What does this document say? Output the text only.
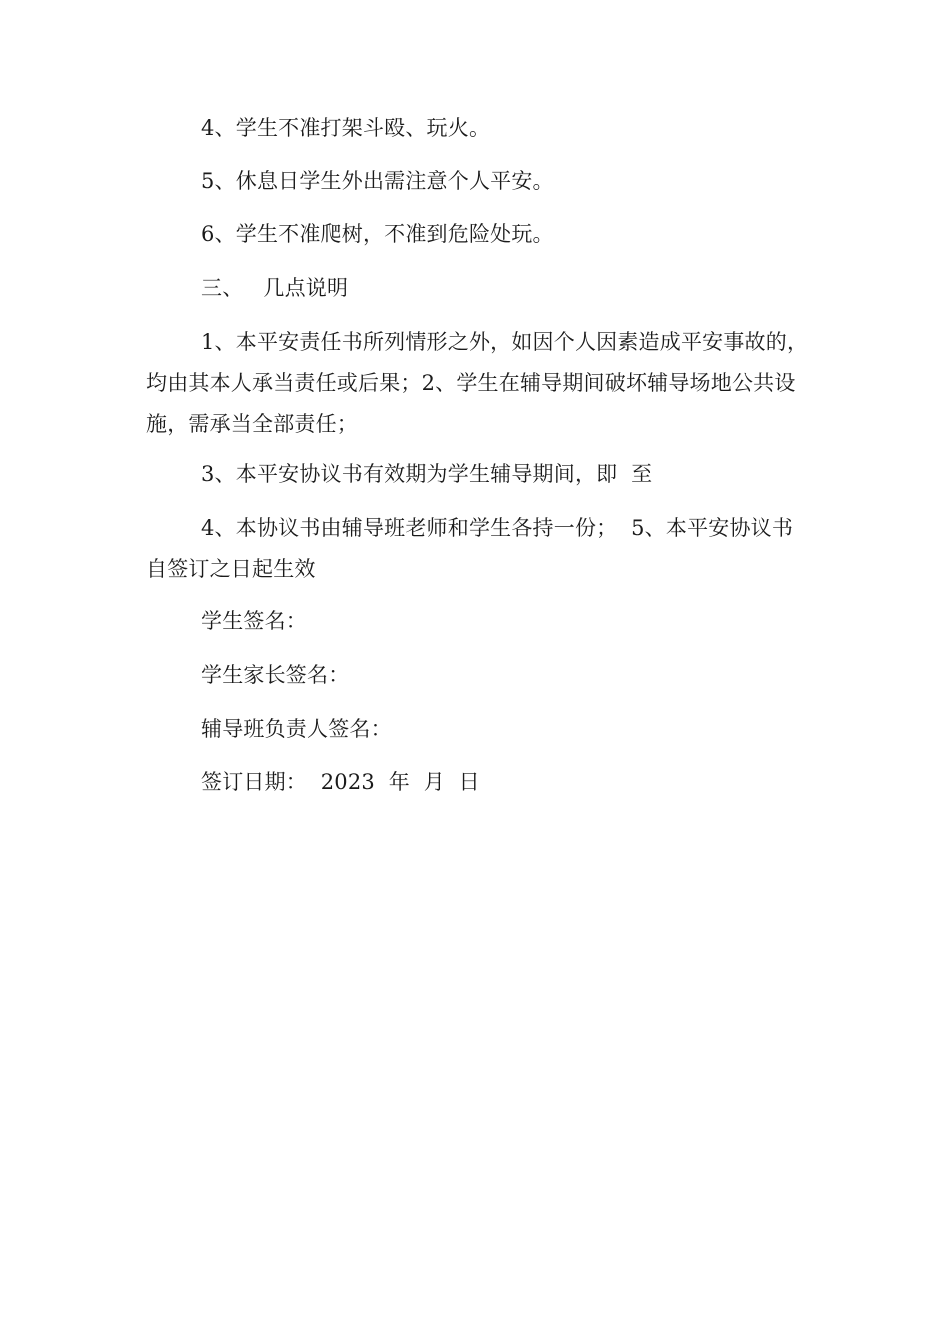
4、学生不准打架斗殴、玩火。
5、休息日学生外出需注意个人平安。
6、学生不准爬树，不准到危险处玩。
三、 几点说明
1、本平安责任书所列情形之外，如因个人因素造成平安事故的，
均由其本人承当责任或后果；2、学生在辅导期间破坏辅导场地公共设
施，需承当全部责任；
3、本平安协议书有效期为学生辅导期间，即  至
4、本协议书由辅导班老师和学生各持一份；  5、本平安协议书
自签订之日起生效
学生签名：
学生家长签名：
辅导班负责人签名：
签订日期：  2023  年  月  日
